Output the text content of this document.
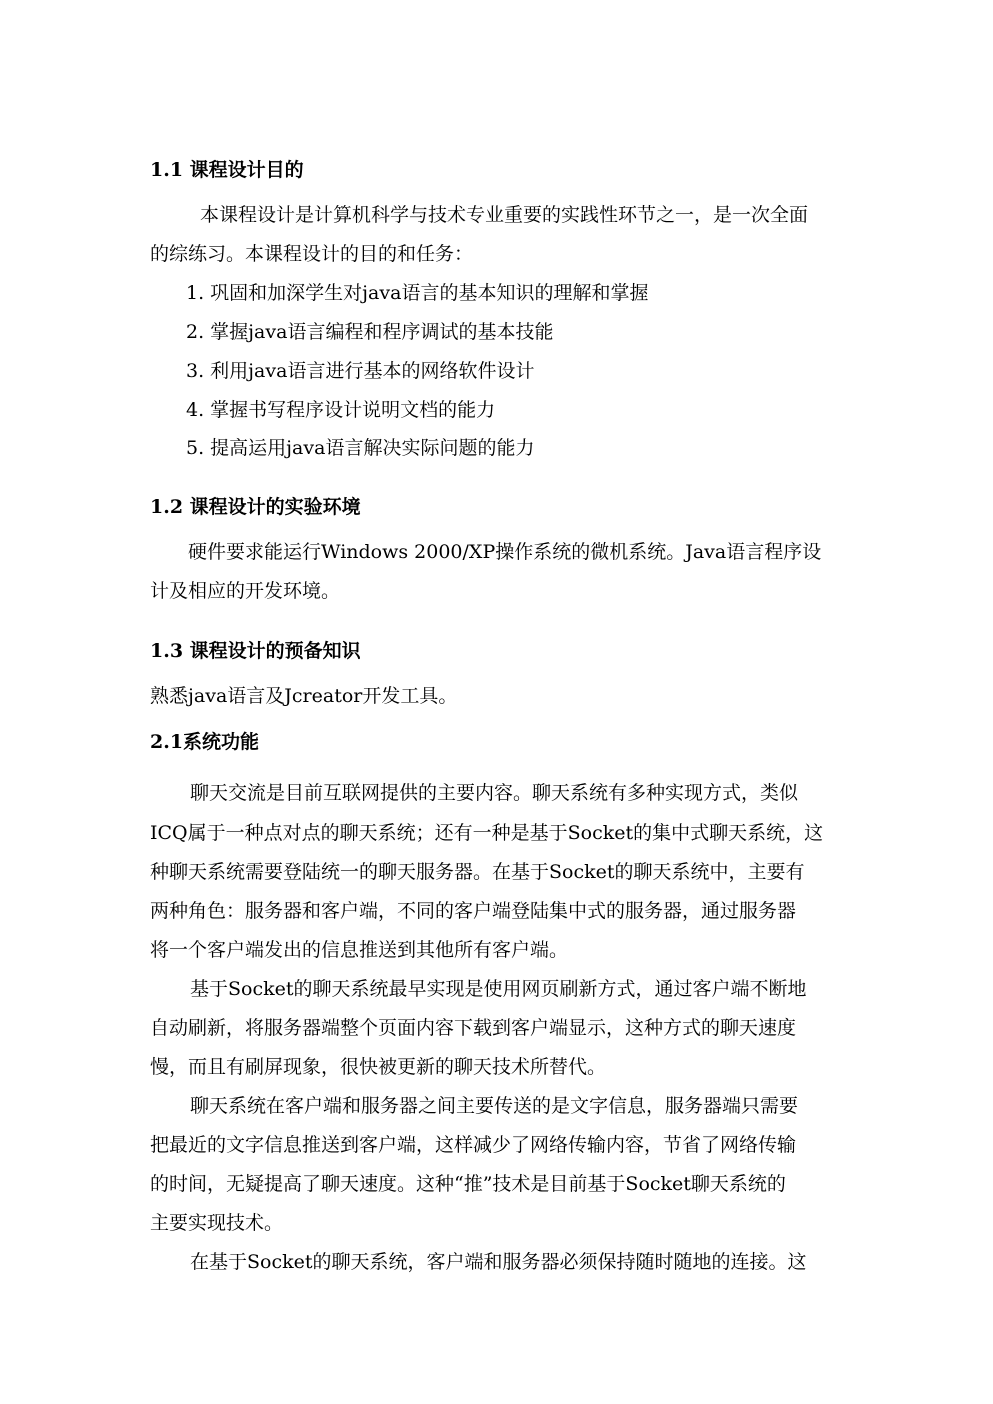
1.1 课程设计目的
本课程设计是计算机科学与技术专业重要的实践性环节之一，是一次全面
的综练习。本课程设计的目的和任务：
1. 巩固和加深学生对java语言的基本知识的理解和掌握
2. 掌握java语言编程和程序调试的基本技能
3. 利用java语言进行基本的网络软件设计
4. 掌握书写程序设计说明文档的能力
5. 提高运用java语言解决实际问题的能力
1.2 课程设计的实验环境
硬件要求能运行Windows 2000/XP操作系统的微机系统。Java语言程序设
计及相应的开发环境。
1.3 课程设计的预备知识
熟悉java语言及Jcreator开发工具。
2.1系统功能
聊天交流是目前互联网提供的主要内容。聊天系统有多种实现方式，类似
ICQ属于一种点对点的聊天系统；还有一种是基于Socket的集中式聊天系统，这
种聊天系统需要登陆统一的聊天服务器。在基于Socket的聊天系统中，主要有
两种角色：服务器和客户端，不同的客户端登陆集中式的服务器，通过服务器
将一个客户端发出的信息推送到其他所有客户端。
基于Socket的聊天系统最早实现是使用网页刷新方式，通过客户端不断地
自动刷新，将服务器端整个页面内容下载到客户端显示，这种方式的聊天速度
慢，而且有刷屏现象，很快被更新的聊天技术所替代。
聊天系统在客户端和服务器之间主要传送的是文字信息，服务器端只需要
把最近的文字信息推送到客户端，这样减少了网络传输内容，节省了网络传输
的时间，无疑提高了聊天速度。这种“推”技术是目前基于Socket聊天系统的
主要实现技术。
在基于Socket的聊天系统，客户端和服务器必须保持随时随地的连接。这
